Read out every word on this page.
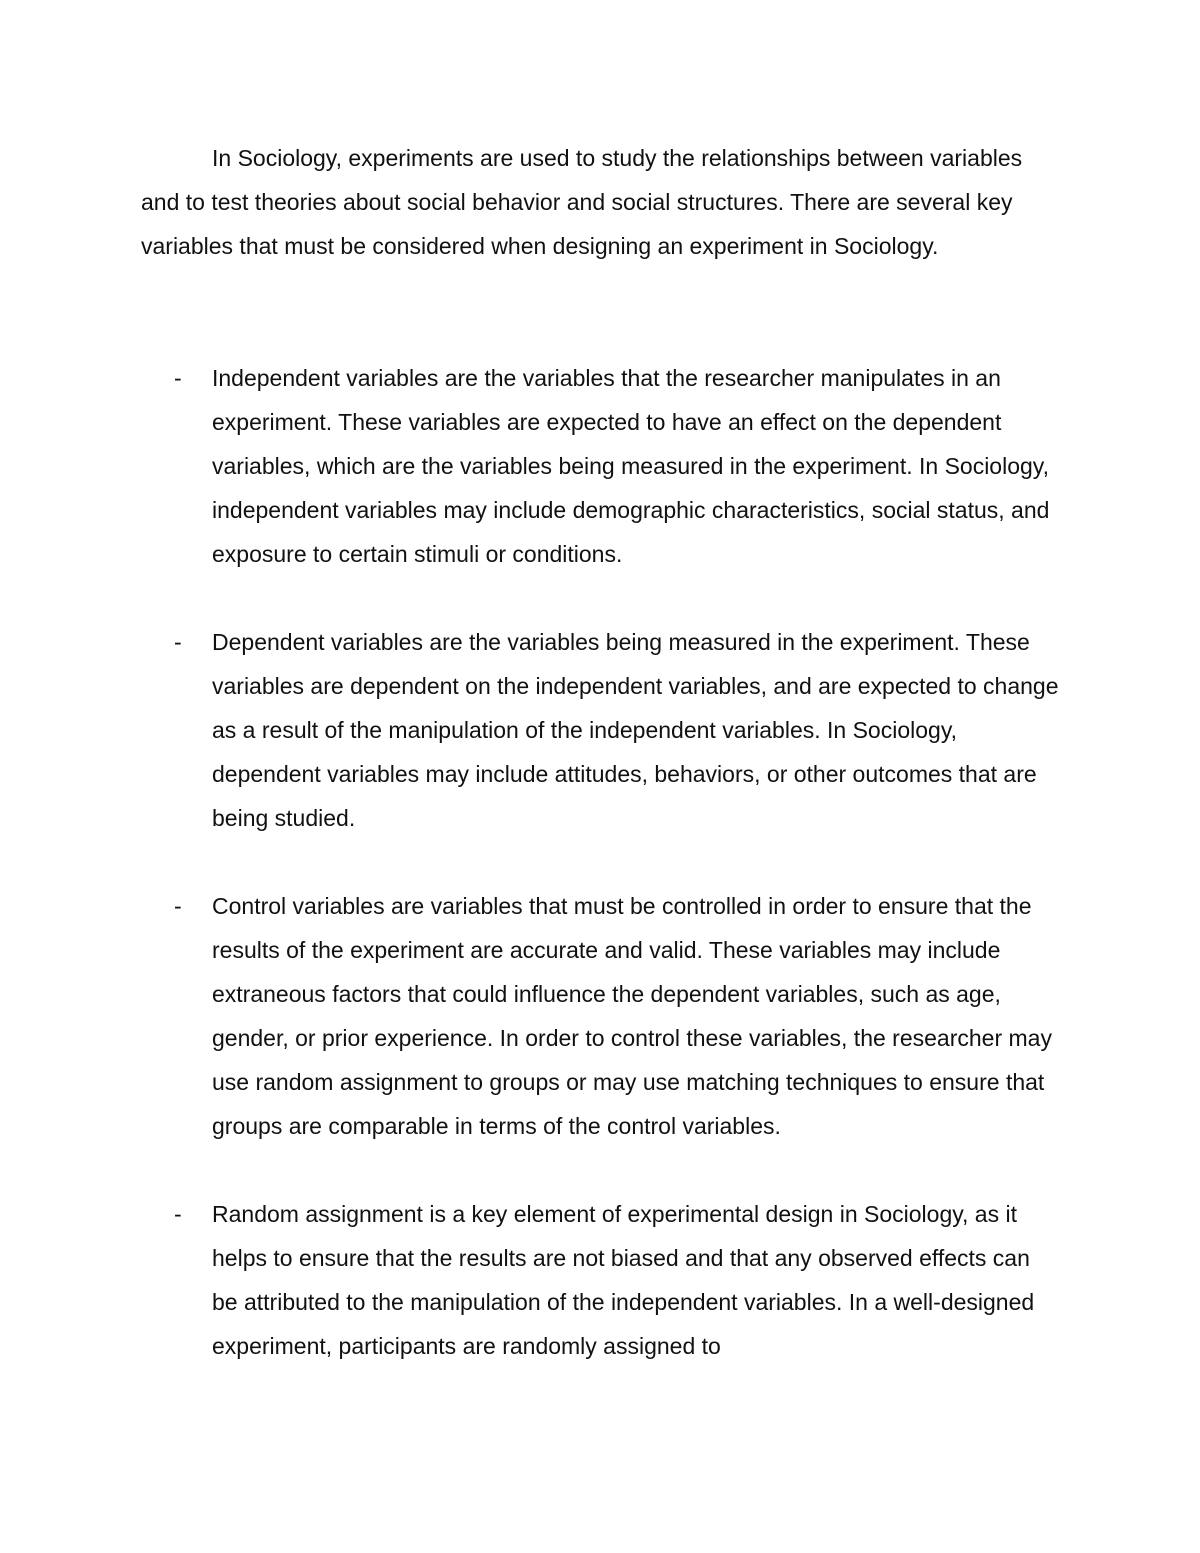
In Sociology, experiments are used to study the relationships between variables and to test theories about social behavior and social structures. There are several key variables that must be considered when designing an experiment in Sociology.

- Independent variables are the variables that the researcher manipulates in an experiment. These variables are expected to have an effect on the dependent variables, which are the variables being measured in the experiment. In Sociology, independent variables may include demographic characteristics, social status, and exposure to certain stimuli or conditions.
- Dependent variables are the variables being measured in the experiment. These variables are dependent on the independent variables, and are expected to change as a result of the manipulation of the independent variables. In Sociology, dependent variables may include attitudes, behaviors, or other outcomes that are being studied.
- Control variables are variables that must be controlled in order to ensure that the results of the experiment are accurate and valid. These variables may include extraneous factors that could influence the dependent variables, such as age, gender, or prior experience. In order to control these variables, the researcher may use random assignment to groups or may use matching techniques to ensure that groups are comparable in terms of the control variables.
- Random assignment is a key element of experimental design in Sociology, as it helps to ensure that the results are not biased and that any observed effects can be attributed to the manipulation of the independent variables. In a well-designed experiment, participants are randomly assigned to
